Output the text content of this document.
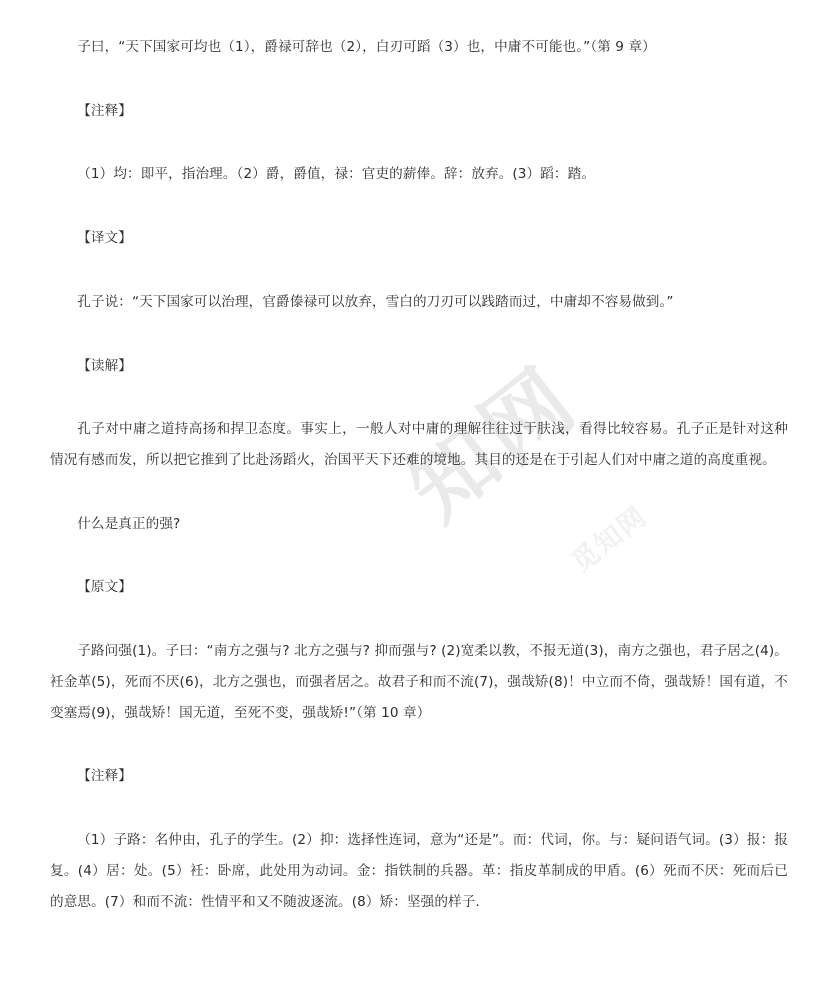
知网
觅知网

子曰，“天下国家可均也（1），爵禄可辞也（2），白刃可蹈（3）也，中庸不可能也。”（第 9 章）

【注释】

（1）均：即平，指治理。（2）爵，爵值，禄：官吏的薪俸。辞：放弃。(3）蹈：踏。

【译文】

孔子说：“天下国家可以治理，官爵傣禄可以放弃，雪白的刀刃可以践踏而过，中庸却不容易做到。”

【读解】

孔子对中庸之道持高扬和捍卫态度。事实上，一般人对中庸的理解往往过于肤浅，看得比较容易。孔子正是针对这种情况有感而发，所以把它推到了比赴汤蹈火，治国平天下还难的境地。其目的还是在于引起人们对中庸之道的高度重视。

什么是真正的强?

【原文】

子路问强(1)。子曰：“南方之强与? 北方之强与? 抑而强与? (2)宽柔以教，不报无道(3)，南方之强也，君子居之(4)。衽金革(5)，死而不厌(6)，北方之强也，而强者居之。故君子和而不流(7)，强哉矫(8)！中立而不倚，强哉矫！国有道，不变塞焉(9)，强哉矫！国无道，至死不变，强哉矫!”（第 10 章）

【注释】

（1）子路：名仲由，孔子的学生。(2）抑：选择性连词，意为“还是”。而：代词，你。与：疑问语气词。(3）报：报复。(4）居：处。(5）衽：卧席，此处用为动词。金：指铁制的兵器。革：指皮革制成的甲盾。(6）死而不厌：死而后已的意思。(7）和而不流：性情平和又不随波逐流。(8）矫：坚强的样子.
